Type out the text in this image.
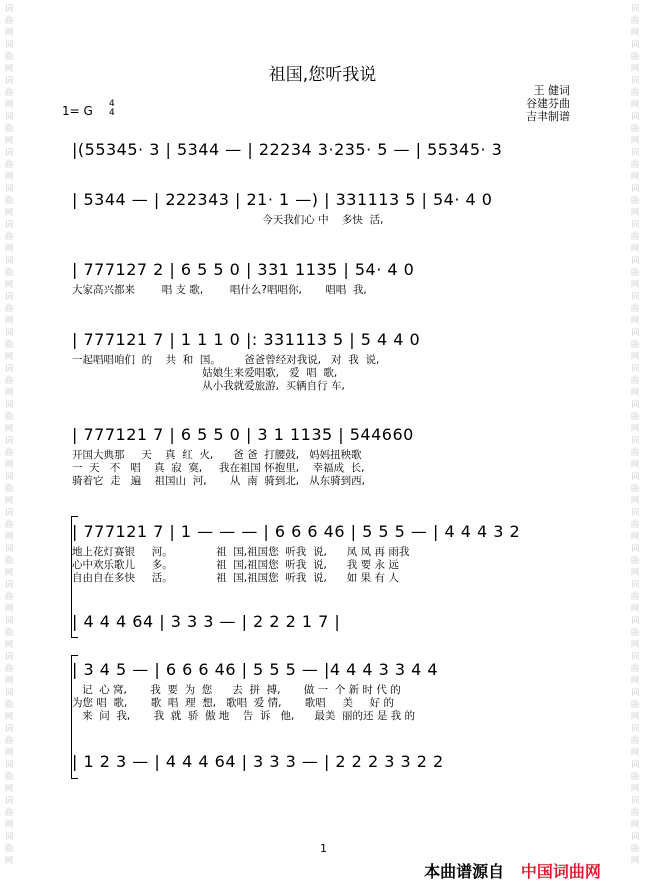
词
曲
网
词
曲
网
词
曲
网
词
曲
网
词
曲
网
词
曲
网
词
曲
网
词
曲
网
词
曲
网
词
曲
网
词
曲
网
词
曲
网
词
曲
网
词
曲
网
词
曲
网
词
曲
网
词
曲
网
词
曲
网
词
曲
网
词
曲
网
词
曲
网
词
曲
网
词
曲
网
词
曲
网
词
曲
网
词
曲
网
词
曲
网
词
曲
网
词
曲
网
词
曲
网
词
曲
网
词
曲
网
词
曲
网
词
曲
网
词
曲
网
词
曲
网
词
曲
网
词
曲
网
词
曲
网
词
曲
网
词
曲
网
词
曲
网
词
曲
网
词
曲
网
词
曲
网
词
曲
网
词
曲
网
词
曲
网
祖国,您听我说
王 健词
谷建芬曲
吉聿制谱
1= G 4
4
|(55345· 3 | 5344 — | 22234 3·235· 5 — | 55345· 3
| 5344 — | 222343 | 21· 1 —) | 331113 5 | 54· 4 0
今天我们心 中    多快  活,
| 777127 2 | 6 5 5 0 | 331 1135 | 54· 4 0
大家高兴都来        唱 支 歌,        唱什么?唱唱你,       唱唱  我,
| 777121 7 | 1 1 1 0 |: 331113 5 | 5 4 4 0
一起唱唱咱们  的    共  和  国。       爸爸曾经对我说,   对  我  说,
姑娘生来爱唱歌,   爱  唱  歌,
从小我就爱旅游,  买辆自行 车,
| 777121 7 | 6 5 5 0 | 3 1 1135 | 544660
开国大典那     天    真  红  火,      爸 爸  打腰鼓,   妈妈扭秧歌
一  天   不   唱    真  寂  寞,     我在祖国 怀抱里,    幸福成  长,
骑着它  走   遍    祖国山  河,       从  南  骑到北,   从东骑到西,
| 777121 7 | 1 — — — | 6 6 6 46 | 5 5 5 — | 4 4 4 3 2
地上花灯赛银     河。             祖  国,祖国您  听我  说,      凤 凤 再 雨我
心中欢乐歌儿     多。             祖  国,祖国您  听我  说,      我 要 永 远
自由自在多快     活。             祖  国,祖国您  听我  说,      如 果 有 人
| 4 4 4 64 | 3 3 3 — | 2 2 2 1 7 |
| 3 4 5 — | 6 6 6 46 | 5 5 5 — |4 4 4 3 3 4 4
记  心 窝,       我  要  为  您      去  拼  搏,       做 一  个 新 时 代 的
为您 唱  歌,       歌  唱  理  想,   歌唱  爱 情,       歌唱     美     好 的
来  问  我,       我  就  骄  傲 地    告  诉   他,      最美  丽的还 是 我 的
| 1 2 3 — | 4 4 4 64 | 3 3 3 — | 2 2 2 3 3 2 2
1

本曲谱源自 中国词曲网
